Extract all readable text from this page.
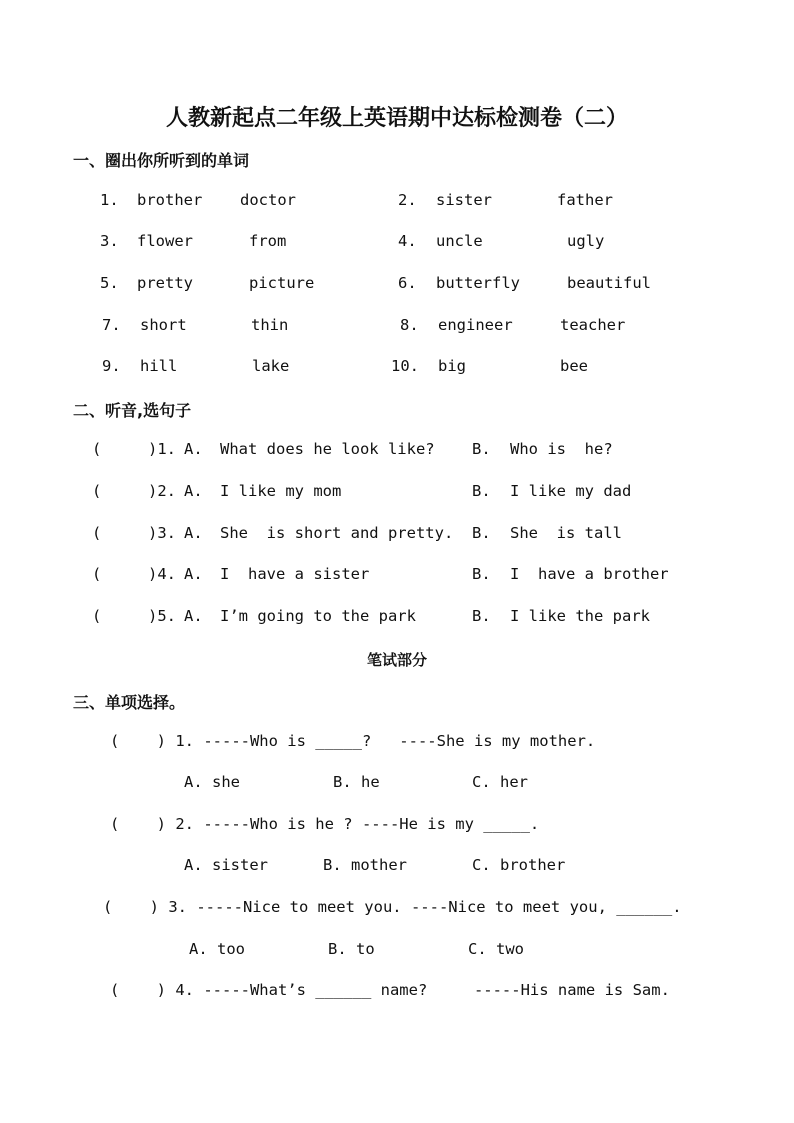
人教新起点二年级上英语期中达标检测卷（二）
一、圈出你所听到的单词
1. brother doctor	2. sister	father
3. flower	from	4. uncle	ugly
5. pretty	picture	6. butterfly	beautiful
7. short	thin	8. engineer	teacher
9. hill	lake	10. big	bee
二、听音,选句子
(     )1. A. What does he look like? B. Who is  he?
(     )2. A. I like my mom	B. I like my dad
(     )3. A. She  is short and pretty. B. She  is tall
(     )4. A. I  have a sister	B. I  have a brother
(     )5. A. I’m going to the park	B. I like the park
笔试部分
三、单项选择。
(    ) 1. -----Who is _____?   ----She is my mother.
A. she	B. he	C. her
(    ) 2. -----Who is he ? ----He is my _____.
A. sister	B. mother	C. brother
(    ) 3. -----Nice to meet you. ----Nice to meet you, ______.
A. too	B. to	C. two
(    ) 4. -----What’s ______ name?     -----His name is Sam.
